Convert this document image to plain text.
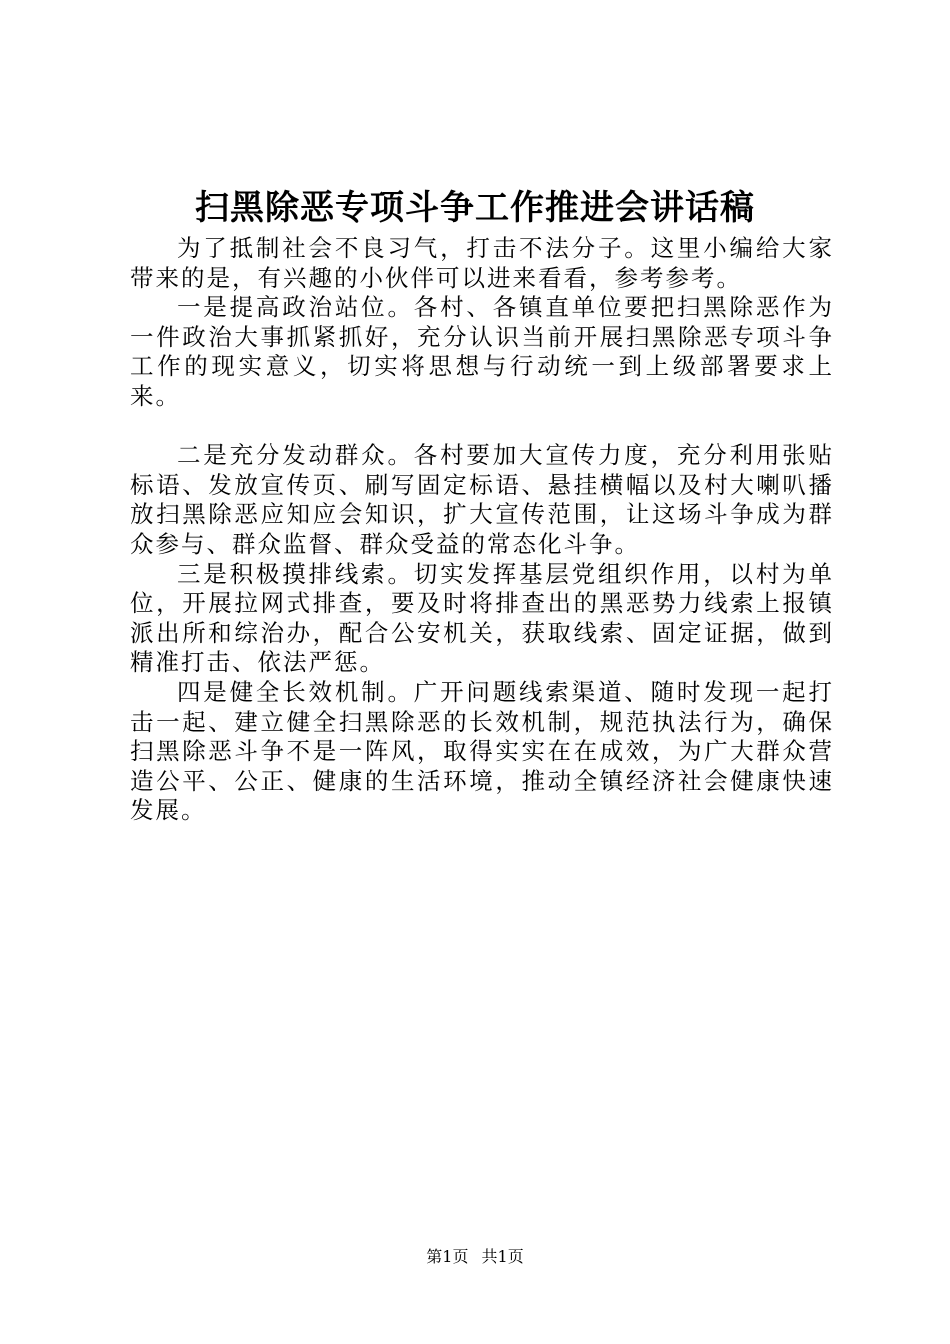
扫黑除恶专项斗争工作推进会讲话稿

为了抵制社会不良习气，打击不法分子。这里小编给大家带来的是，有兴趣的小伙伴可以进来看看，参考参考。

一是提高政治站位。各村、各镇直单位要把扫黑除恶作为一件政治大事抓紧抓好，充分认识当前开展扫黑除恶专项斗争工作的现实意义，切实将思想与行动统一到上级部署要求上来。

二是充分发动群众。各村要加大宣传力度，充分利用张贴标语、发放宣传页、刷写固定标语、悬挂横幅以及村大喇叭播放扫黑除恶应知应会知识，扩大宣传范围，让这场斗争成为群众参与、群众监督、群众受益的常态化斗争。

三是积极摸排线索。切实发挥基层党组织作用，以村为单位，开展拉网式排查，要及时将排查出的黑恶势力线索上报镇派出所和综治办，配合公安机关，获取线索、固定证据，做到精准打击、依法严惩。

四是健全长效机制。广开问题线索渠道、随时发现一起打击一起、建立健全扫黑除恶的长效机制，规范执法行为，确保扫黑除恶斗争不是一阵风，取得实实在在成效，为广大群众营造公平、公正、健康的生活环境，推动全镇经济社会健康快速发展。

第1页 共1页
